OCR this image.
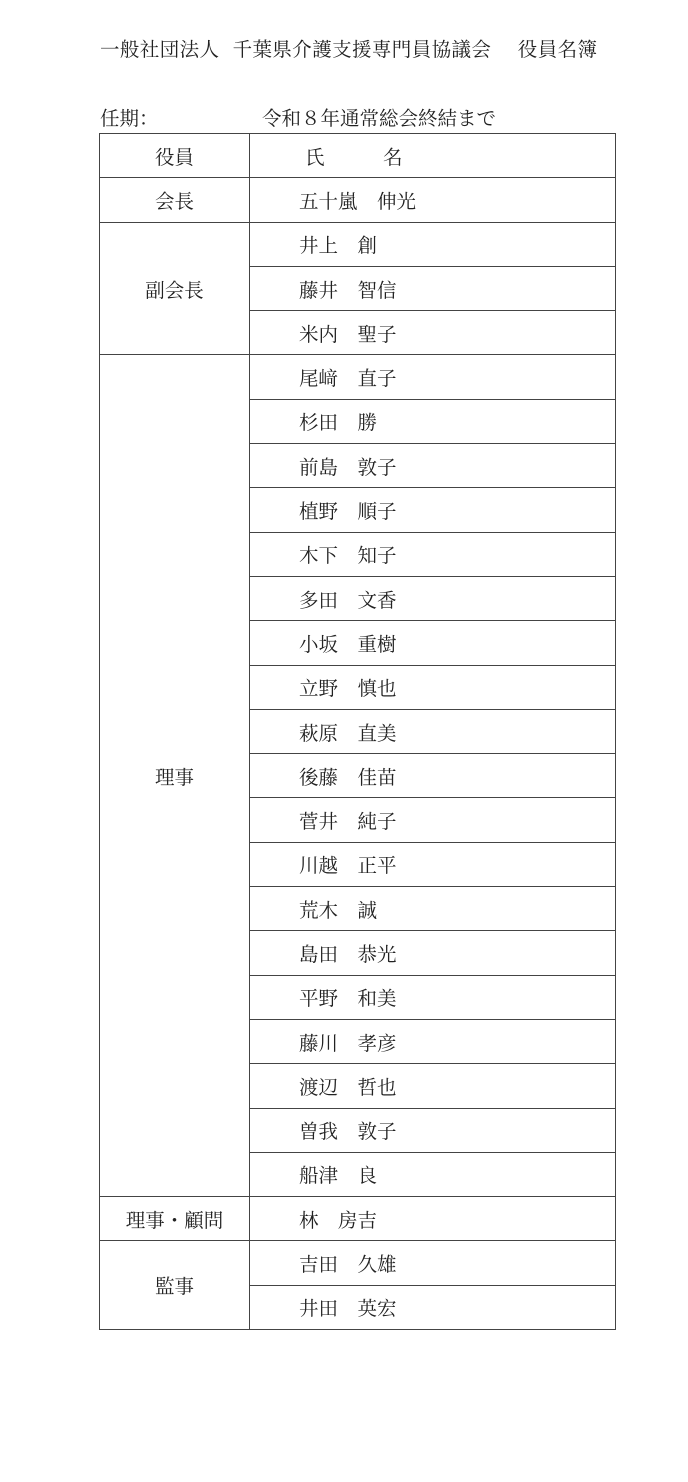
一般社団法人  千葉県介護支援専門員協議会　 役員名簿
任期：	令和８年通常総会終結まで
役員	氏　　　名
会長	五十嵐　伸光
副会長	井上　創
	藤井　智信
	米内　聖子
理事	尾﨑　直子
	杉田　勝
	前島　敦子
	植野　順子
	木下　知子
	多田　文香
	小坂　重樹
	立野　慎也
	萩原　直美
	後藤　佳苗
	菅井　純子
	川越　正平
	荒木　誠
	島田　恭光
	平野　和美
	藤川　孝彦
	渡辺　哲也
	曽我　敦子
	船津　良
理事・顧問	林　房吉
監事	吉田　久雄
	井田　英宏
